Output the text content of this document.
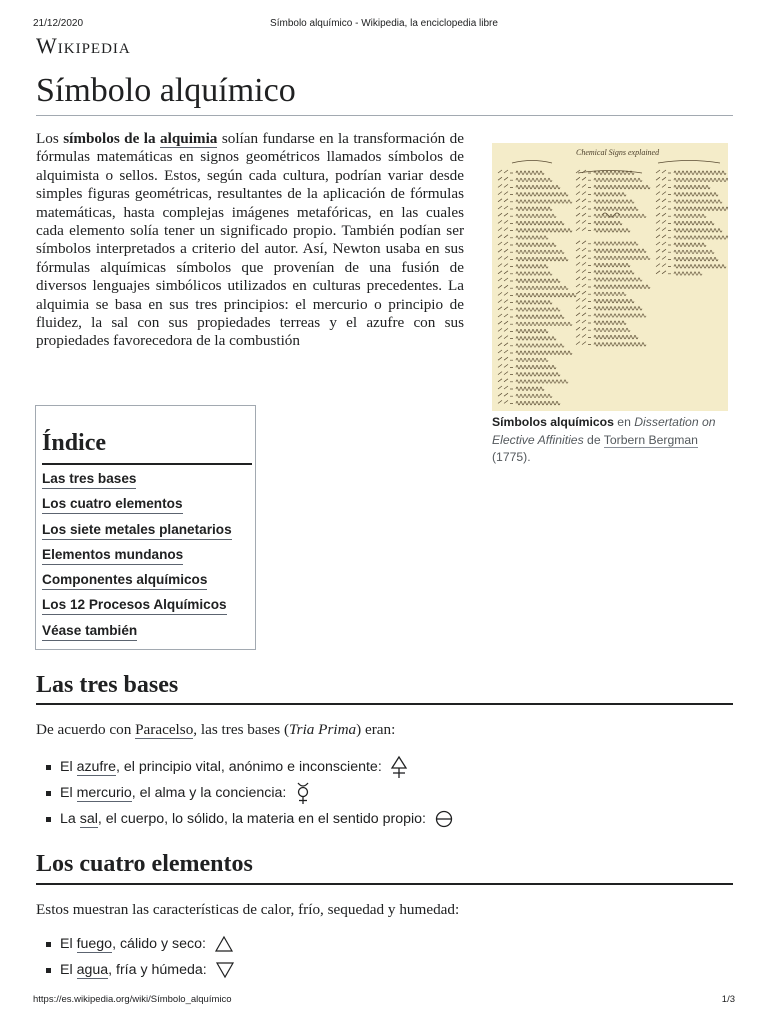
21/12/2020	Símbolo alquímico - Wikipedia, la enciclopedia libre
Wikipedia
Símbolo alquímico

Los símbolos de la alquimia solían fundarse en la transformación de fórmulas matemáticas en signos geométricos llamados símbolos de alquimista o sellos. Estos, según cada cultura, podrían variar desde simples figuras geométricas, resultantes de la aplicación de fórmulas matemáticas, hasta complejas imágenes metafóricas, en las cuales cada elemento solía tener un significado propio. También podían ser símbolos interpretados a criterio del autor. Así, Newton usaba en sus fórmulas alquímicas símbolos que provenían de una fusión de diversos lenguajes simbólicos utilizados en culturas precedentes. La alquimia se basa en sus tres principios: el mercurio o principio de fluidez, la sal con sus propiedades terreas y el azufre con sus propiedades favorecedora de la combustión

Chemical Signs explained
Símbolos alquímicos en Dissertation on Elective Affinities de Torbern Bergman (1775).
Índice
Las tres bases
Los cuatro elementos
Los siete metales planetarios
Elementos mundanos
Componentes alquímicos
Los 12 Procesos Alquímicos
Véase también
Las tres bases

De acuerdo con Paracelso, las tres bases (Tria Prima) eran:

El azufre , el principio vital, anónimo e inconsciente:
El mercurio , el alma y la conciencia:
La sal , el cuerpo, lo sólido, la materia en el sentido propio:
Los cuatro elementos

Estos muestran las características de calor, frío, sequedad y humedad:

El fuego , cálido y seco:
El agua , fría y húmeda:
https://es.wikipedia.org/wiki/Símbolo_alquímico	1/3
